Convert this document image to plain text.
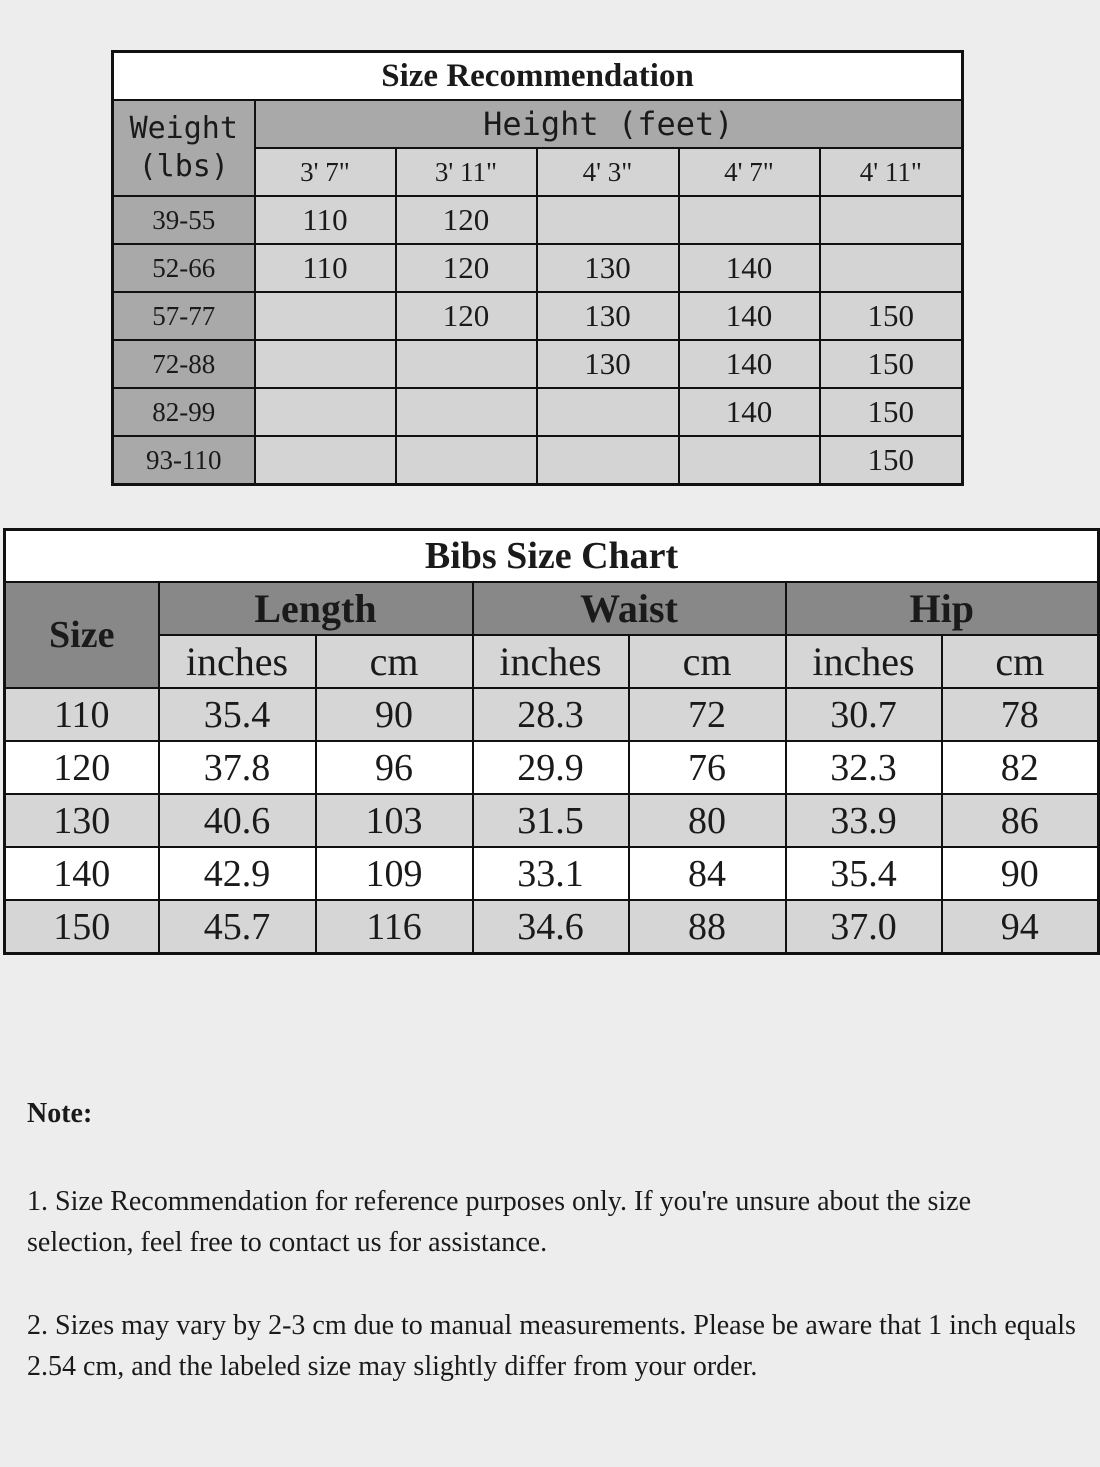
Size Recommendation					
Weight
(lbs)	Height (feet)				
	3' 7"	3' 11"	4' 3"	4' 7"	4' 11"
39-55	110	120			
52-66	110	120	130	140	
57-77		120	130	140	150
72-88			130	140	150
82-99				140	150
93-110					150
Bibs Size Chart						
Size	Length		Waist		Hip	
	inches	cm	inches	cm	inches	cm
110	35.4	90	28.3	72	30.7	78
120	37.8	96	29.9	76	32.3	82
130	40.6	103	31.5	80	33.9	86
140	42.9	109	33.1	84	35.4	90
150	45.7	116	34.6	88	37.0	94
Note:
1. Size Recommendation for reference purposes only. If you're unsure about the size selection, feel free to contact us for assistance.
2. Sizes may vary by 2-3 cm due to manual measurements. Please be aware that 1 inch equals 2.54 cm, and the labeled size may slightly differ from your order.
